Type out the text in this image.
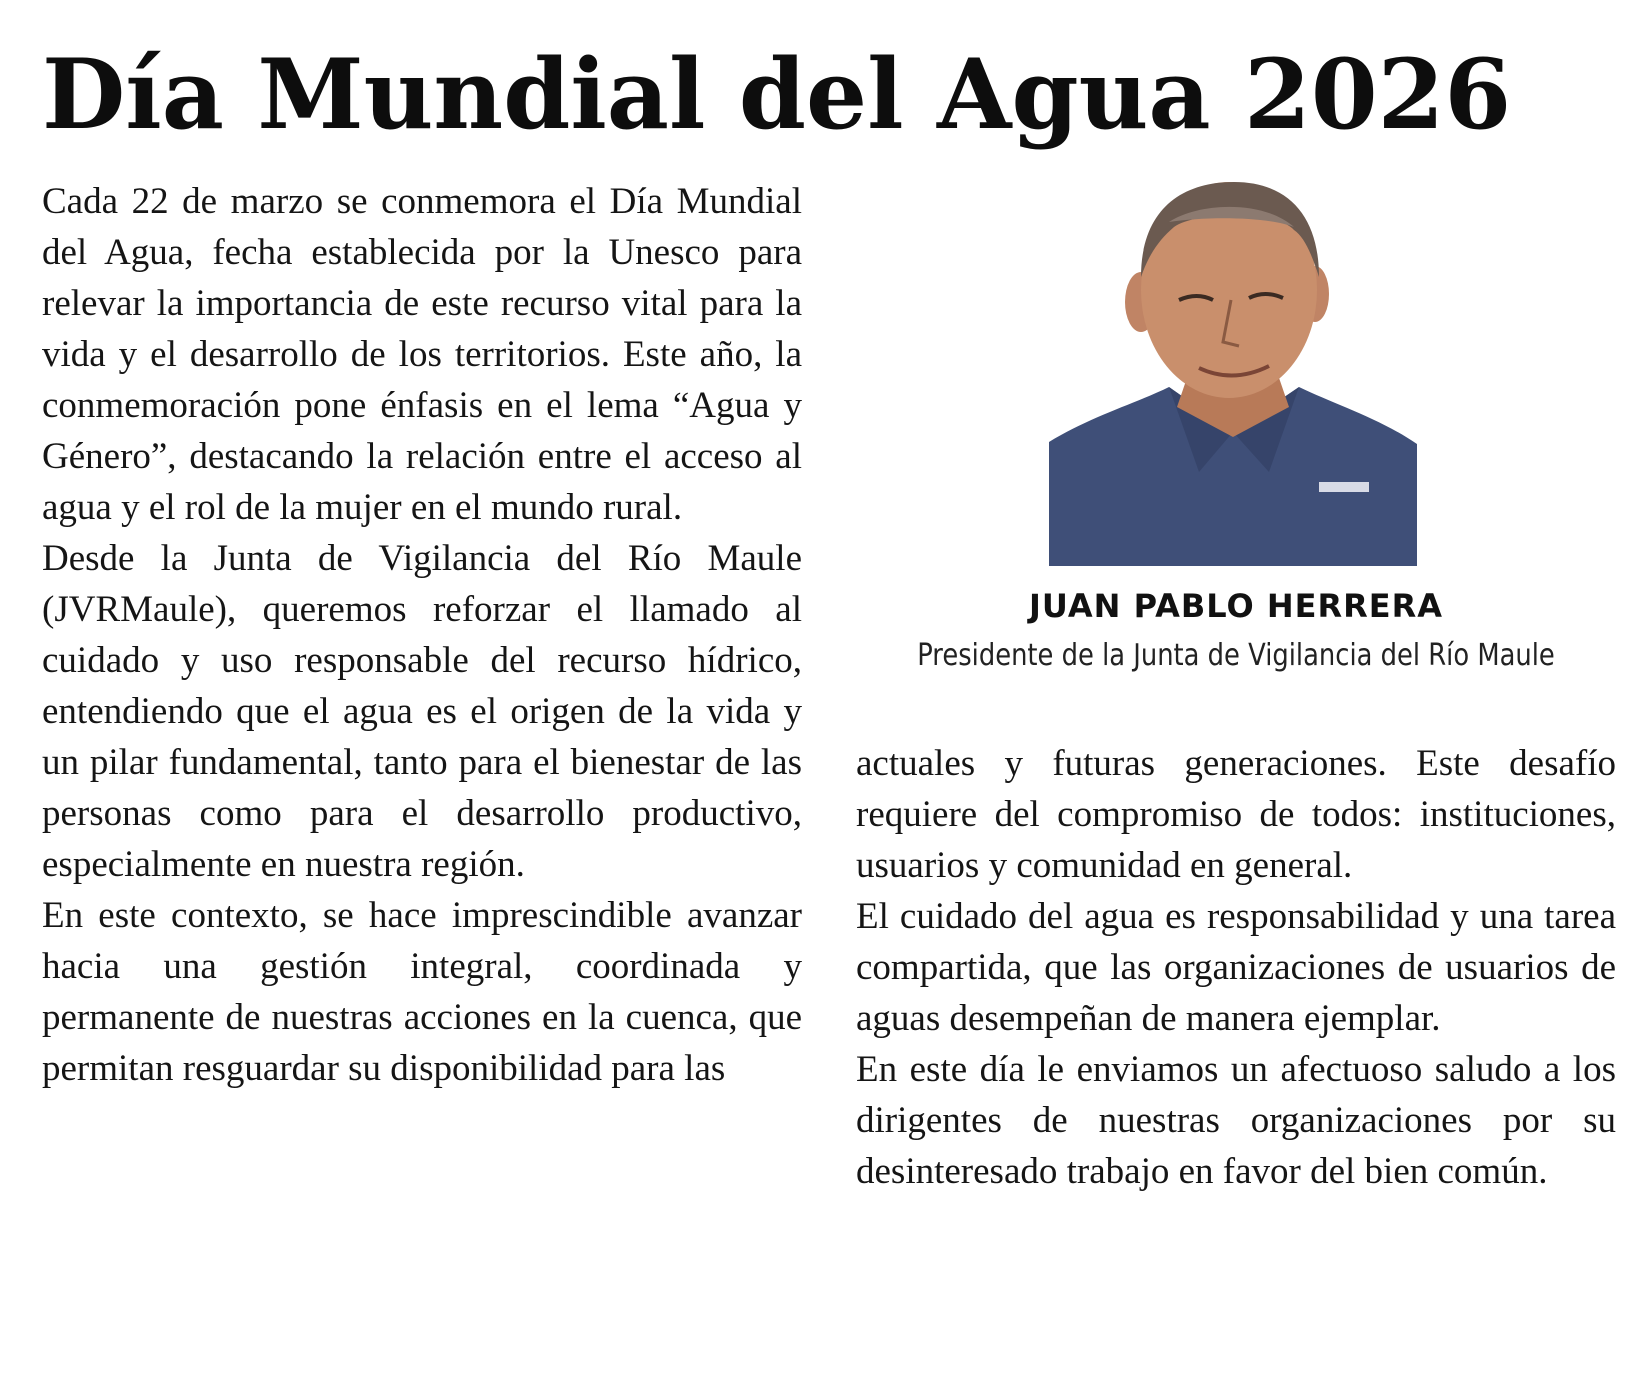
Día Mundial del Agua 2026

Cada 22 de marzo se conmemora el Día Mundial del Agua, fecha establecida por la Unesco para relevar la importancia de este recurso vital para la vida y el desarrollo de los territorios. Este año, la conmemoración pone énfasis en el lema “Agua y Género”, destacando la relación entre el acceso al agua y el rol de la mujer en el mundo rural.

Desde la Junta de Vigilancia del Río Maule (JVRMaule), queremos reforzar el llamado al cuidado y uso responsable del recurso hídrico, entendiendo que el agua es el origen de la vida y un pilar fundamental, tanto para el bienestar de las personas como para el desarrollo productivo, especialmente en nuestra región.

En este contexto, se hace imprescindible avanzar hacia una gestión integral, coordinada y permanente de nuestras acciones en la cuenca, que permitan resguardar su disponibilidad para las

JUAN PABLO HERRERA
Presidente de la Junta de Vigilancia del Río Maule

actuales y futuras generaciones. Este desafío requiere del compromiso de todos: instituciones, usuarios y comunidad en general.

El cuidado del agua es responsabilidad y una tarea compartida, que las organizaciones de usuarios de aguas desempeñan de manera ejemplar.

En este día le enviamos un afectuoso saludo a los dirigentes de nuestras organizaciones por su desinteresado trabajo en favor del bien común.
